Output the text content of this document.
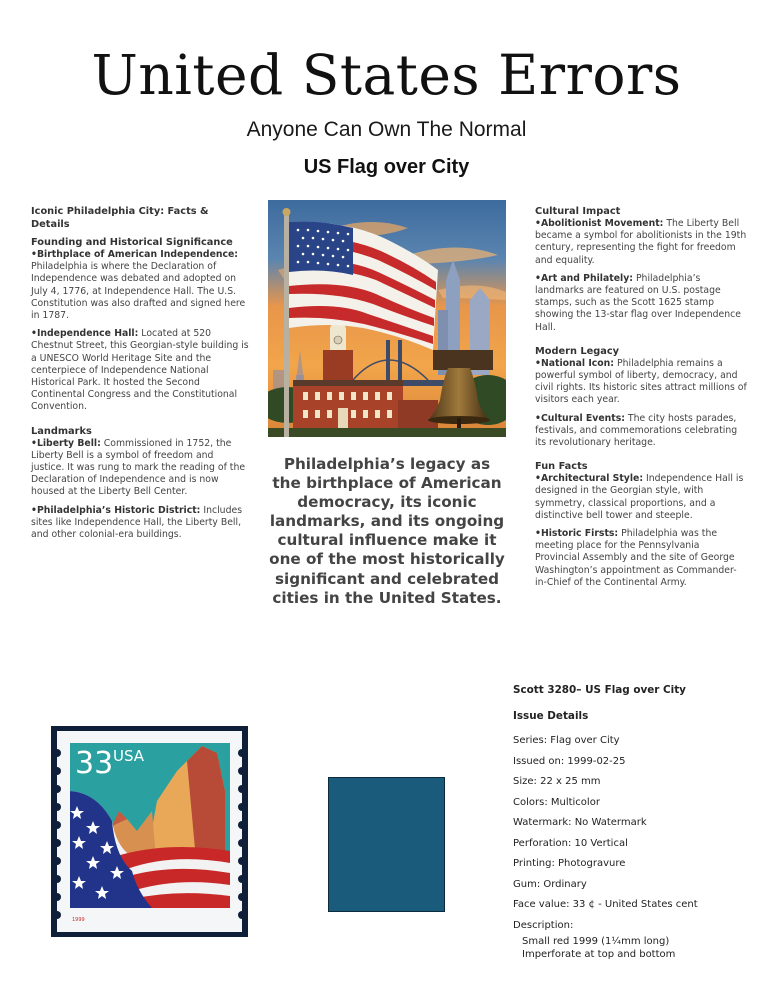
United States Errors
Anyone Can Own The Normal
US Flag over City
Iconic Philadelphia City: Facts & Details
Founding and Historical Significance
•Birthplace of American Independence: Philadelphia is where the Declaration of Independence was debated and adopted on July 4, 1776, at Independence Hall. The U.S. Constitution was also drafted and signed here in 1787.
•Independence Hall: Located at 520 Chestnut Street, this Georgian-style building is a UNESCO World Heritage Site and the centerpiece of Independence National Historical Park. It hosted the Second Continental Congress and the Constitutional Convention.
Landmarks
•Liberty Bell: Commissioned in 1752, the Liberty Bell is a symbol of freedom and justice. It was rung to mark the reading of the Declaration of Independence and is now housed at the Liberty Bell Center.
•Philadelphia’s Historic District: Includes sites like Independence Hall, the Liberty Bell, and other colonial-era buildings.
Philadelphia’s legacy as the birthplace of American democracy, its iconic landmarks, and its ongoing cultural influence make it one of the most historically significant and celebrated cities in the United States.
Cultural Impact
•Abolitionist Movement: The Liberty Bell became a symbol for abolitionists in the 19th century, representing the fight for freedom and equality.
•Art and Philately: Philadelphia’s landmarks are featured on U.S. postage stamps, such as the Scott 1625 stamp showing the 13-star flag over Independence Hall.
Modern Legacy
•National Icon: Philadelphia remains a powerful symbol of liberty, democracy, and civil rights. Its historic sites attract millions of visitors each year.
•Cultural Events: The city hosts parades, festivals, and commemorations celebrating its revolutionary heritage.
Fun Facts
•Architectural Style: Independence Hall is designed in the Georgian style, with symmetry, classical proportions, and a distinctive bell tower and steeple.
•Historic Firsts: Philadelphia was the meeting place for the Pennsylvania Provincial Assembly and the site of George Washington’s appointment as Commander-in-Chief of the Continental Army.
33 USA
1999
Scott 3280– US Flag over City
Issue Details
Series: Flag over City
Issued on: 1999-02-25
Size: 22 x 25 mm
Colors: Multicolor
Watermark: No Watermark
Perforation: 10 Vertical
Printing: Photogravure
Gum: Ordinary
Face value: 33 ¢ - United States cent
Description:
Small red 1999 (1¼mm long)
Imperforate at top and bottom
